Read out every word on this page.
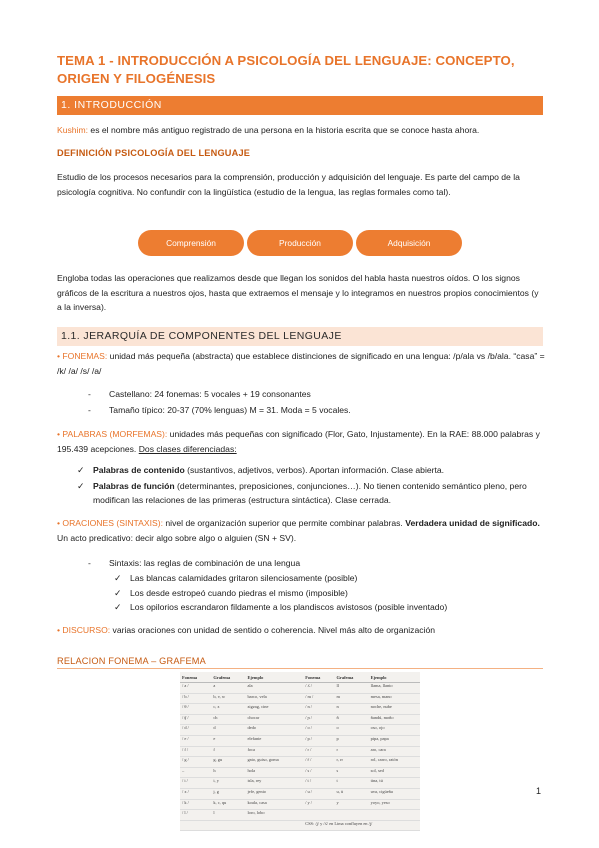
TEMA 1 - INTRODUCCIÓN A PSICOLOGÍA DEL LENGUAJE: CONCEPTO, ORIGEN Y FILOGÉNESIS
1. INTRODUCCIÓN
Kushim: es el nombre más antiguo registrado de una persona en la historia escrita que se conoce hasta ahora.
DEFINICIÓN PSICOLOGÍA DEL LENGUAJE
Estudio de los procesos necesarios para la comprensión, producción y adquisición del lenguaje. Es parte del campo de la psicología cognitiva. No confundir con la lingüística (estudio de la lengua, las reglas formales como tal).
Comprensión	Producción	Adquisición
Engloba todas las operaciones que realizamos desde que llegan los sonidos del habla hasta nuestros oídos. O los signos gráficos de la escritura a nuestros ojos, hasta que extraemos el mensaje y lo integramos en nuestros propios conocimientos (y a la inversa).
1.1. JERARQUÍA DE COMPONENTES DEL LENGUAJE
• FONEMAS: unidad más pequeña (abstracta) que establece distinciones de significado en una lengua: /p/ala vs /b/ala. “casa” = /k/ /a/ /s/ /a/
- Castellano: 24 fonemas: 5 vocales + 19 consonantes
- Tamaño típico: 20-37 (70% lenguas) M = 31. Moda = 5 vocales.
• PALABRAS (MORFEMAS): unidades más pequeñas con significado (Flor, Gato, Injustamente). En la RAE: 88.000 palabras y 195.439 acepciones. Dos clases diferenciadas:
✓ Palabras de contenido (sustantivos, adjetivos, verbos). Aportan información. Clase abierta.
✓ Palabras de función (determinantes, preposiciones, conjunciones…). No tienen contenido semántico pleno, pero modifican las relaciones de las primeras (estructura sintáctica). Clase cerrada.
• ORACIONES (SINTAXIS): nivel de organización superior que permite combinar palabras. Verdadera unidad de significado. Un acto predicativo: decir algo sobre algo o alguien (SN + SV).
- Sintaxis: las reglas de combinación de una lengua
✓ Las blancas calamidades gritaron silenciosamente (posible)
✓ Los desde estropeó cuando piedras el mismo (imposible)
✓ Los opilorios escrandaron fildamente a los plandiscos avistosos (posible inventado)
• DISCURSO: varias oraciones con unidad de sentido o coherencia. Nivel más alto de organización
RELACION FONEMA – GRAFEMA
Fonema	Grafema	Ejemplo	Fonema	Grafema	Ejemplo
/ a /	a	ala	/ ʎ /	ll	llama, llanto
/ b /	b, v, w	barco, vela	/ m /	m	mesa, mano
/ θ /	c, z	zigzag, cine	/ n /	n	noche, nube
/ ʧ /	ch	chocar	/ ɲ /	ñ	ñandú, moño
/ d /	d	dedo	/ o /	o	oso, ojo
/ e /	e	elefante	/ p /	p	pipa, papa
/ f /	f	foca	/ r /	r	aro, cara
/ g /	g, gu	gato, guiso, goma	/ r̄ /	r, rr	rol, carro, ratón
–	h	hola	/ s /	s	sol, sed
/ i /	i, y	isla, rey	/ t /	t	tina, tú
/ x /	j, g	jefe, genio	/ u /	u, ü	uva, cigüeña
/ k /	k, c, qu	koala, casa	/ y /	y	yoyo, yeso
/ l /	l	loro, lobo			
			CSS: /ʝ/ y /ʎ/ en Lima confluyen en /ʝ/		
1
